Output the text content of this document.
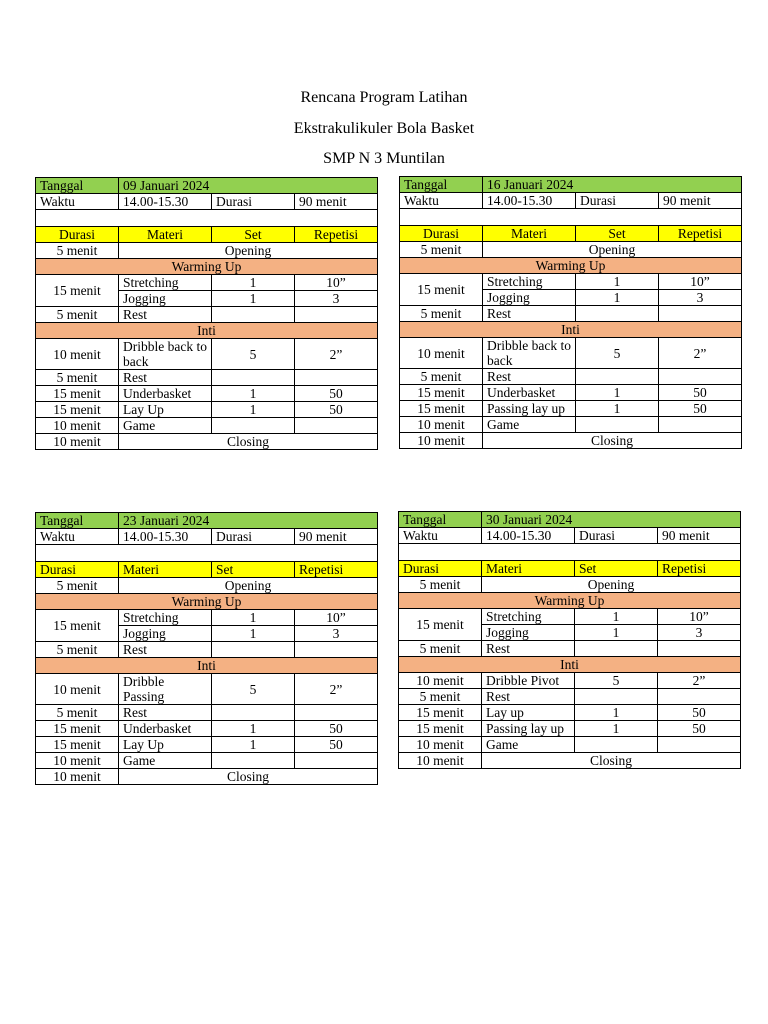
Rencana Program Latihan
Ekstrakulikuler Bola Basket
SMP N 3 Muntilan
Tanggal	09 Januari 2024		
Waktu	14.00-15.30	Durasi	90 menit

Durasi	Materi	Set	Repetisi
5 menit	Opening		
Warming Up			
15 menit	Stretching	1	10”
	Jogging	1	3
5 menit	Rest		
Inti			
10 menit	Dribble back to back	5	2”
5 menit	Rest		
15 menit	Underbasket	1	50
15 menit	Lay Up	1	50
10 menit	Game		
10 menit	Closing		
Tanggal	16 Januari 2024		
Waktu	14.00-15.30	Durasi	90 menit

Durasi	Materi	Set	Repetisi
5 menit	Opening		
Warming Up			
15 menit	Stretching	1	10”
	Jogging	1	3
5 menit	Rest		
Inti			
10 menit	Dribble back to back	5	2”
5 menit	Rest		
15 menit	Underbasket	1	50
15 menit	Passing lay up	1	50
10 menit	Game		
10 menit	Closing		
Tanggal	23 Januari 2024		
Waktu	14.00-15.30	Durasi	90 menit

Durasi	Materi	Set	Repetisi
5 menit	Opening		
Warming Up			
15 menit	Stretching	1	10”
	Jogging	1	3
5 menit	Rest		
Inti			
10 menit	Dribble Passing	5	2”
5 menit	Rest		
15 menit	Underbasket	1	50
15 menit	Lay Up	1	50
10 menit	Game		
10 menit	Closing		
Tanggal	30 Januari 2024		
Waktu	14.00-15.30	Durasi	90 menit

Durasi	Materi	Set	Repetisi
5 menit	Opening		
Warming Up			
15 menit	Stretching	1	10”
	Jogging	1	3
5 menit	Rest		
Inti			
10 menit	Dribble Pivot	5	2”
5 menit	Rest		
15 menit	Lay up	1	50
15 menit	Passing lay up	1	50
10 menit	Game		
10 menit	Closing		
